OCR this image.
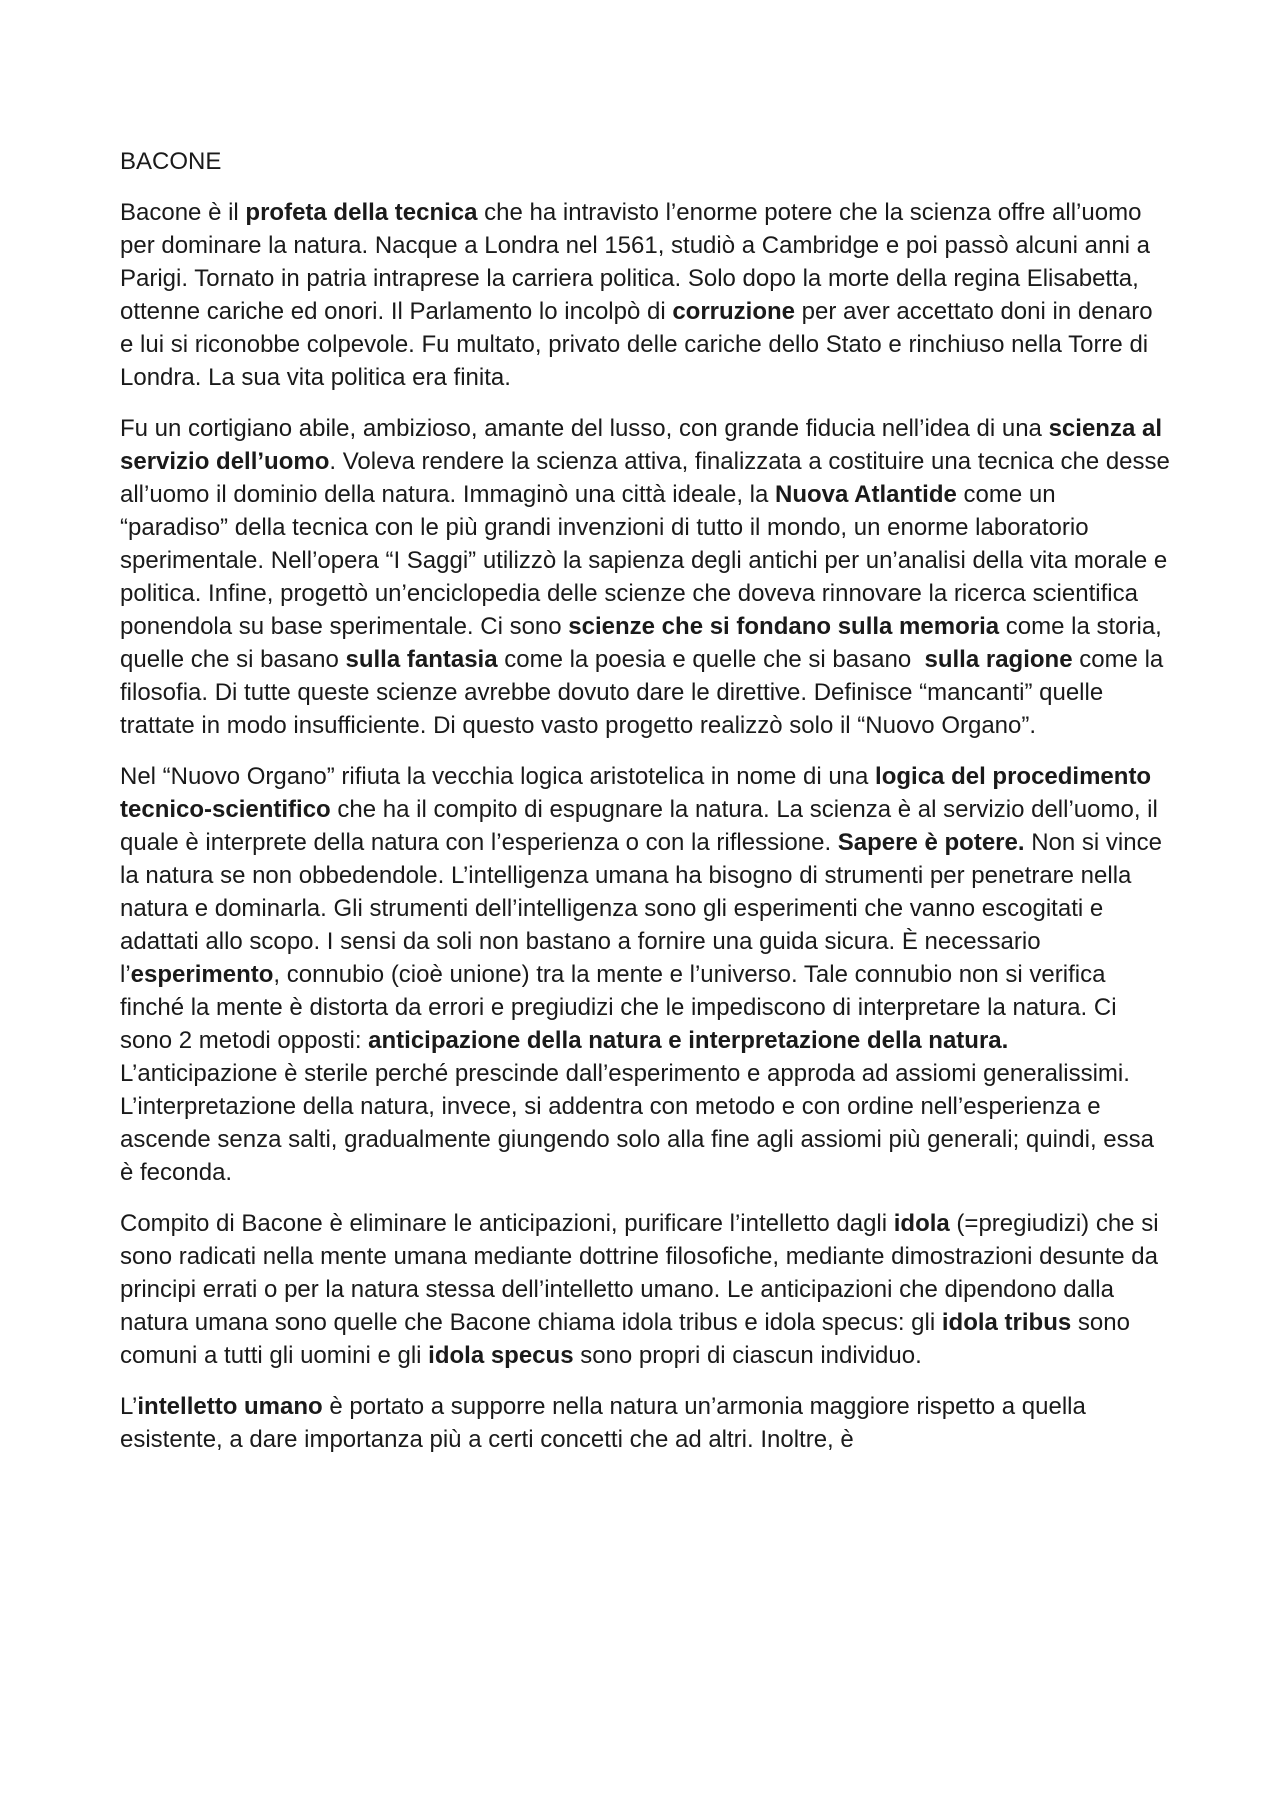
BACONE

Bacone è il profeta della tecnica che ha intravisto l’enorme potere che la scienza offre all’uomo per dominare la natura. Nacque a Londra nel 1561, studiò a Cambridge e poi passò alcuni anni a Parigi. Tornato in patria intraprese la carriera politica. Solo dopo la morte della regina Elisabetta, ottenne cariche ed onori. Il Parlamento lo incolpò di corruzione per aver accettato doni in denaro e lui si riconobbe colpevole. Fu multato, privato delle cariche dello Stato e rinchiuso nella Torre di Londra. La sua vita politica era finita.

Fu un cortigiano abile, ambizioso, amante del lusso, con grande fiducia nell’idea di una scienza al servizio dell’uomo. Voleva rendere la scienza attiva, finalizzata a costituire una tecnica che desse all’uomo il dominio della natura. Immaginò una città ideale, la Nuova Atlantide come un “paradiso” della tecnica con le più grandi invenzioni di tutto il mondo, un enorme laboratorio sperimentale. Nell’opera “I Saggi” utilizzò la sapienza degli antichi per un’analisi della vita morale e politica. Infine, progettò un’enciclopedia delle scienze che doveva rinnovare la ricerca scientifica ponendola su base sperimentale. Ci sono scienze che si fondano sulla memoria come la storia, quelle che si basano sulla fantasia come la poesia e quelle che si basano  sulla ragione come la filosofia. Di tutte queste scienze avrebbe dovuto dare le direttive. Definisce “mancanti” quelle trattate in modo insufficiente. Di questo vasto progetto realizzò solo il “Nuovo Organo”.

Nel “Nuovo Organo” rifiuta la vecchia logica aristotelica in nome di una logica del procedimento tecnico-scientifico che ha il compito di espugnare la natura. La scienza è al servizio dell’uomo, il quale è interprete della natura con l’esperienza o con la riflessione. Sapere è potere. Non si vince la natura se non obbedendole. L’intelligenza umana ha bisogno di strumenti per penetrare nella natura e dominarla. Gli strumenti dell’intelligenza sono gli esperimenti che vanno escogitati e adattati allo scopo. I sensi da soli non bastano a fornire una guida sicura. È necessario l’esperimento, connubio (cioè unione) tra la mente e l’universo. Tale connubio non si verifica finché la mente è distorta da errori e pregiudizi che le impediscono di interpretare la natura. Ci sono 2 metodi opposti: anticipazione della natura e interpretazione della natura. L’anticipazione è sterile perché prescinde dall’esperimento e approda ad assiomi generalissimi. L’interpretazione della natura, invece, si addentra con metodo e con ordine nell’esperienza e ascende senza salti, gradualmente giungendo solo alla fine agli assiomi più generali; quindi, essa è feconda.

Compito di Bacone è eliminare le anticipazioni, purificare l’intelletto dagli idola (=pregiudizi) che si sono radicati nella mente umana mediante dottrine filosofiche, mediante dimostrazioni desunte da principi errati o per la natura stessa dell’intelletto umano. Le anticipazioni che dipendono dalla natura umana sono quelle che Bacone chiama idola tribus e idola specus: gli idola tribus sono comuni a tutti gli uomini e gli idola specus sono propri di ciascun individuo.

L’intelletto umano è portato a supporre nella natura un’armonia maggiore rispetto a quella esistente, a dare importanza più a certi concetti che ad altri. Inoltre, è
